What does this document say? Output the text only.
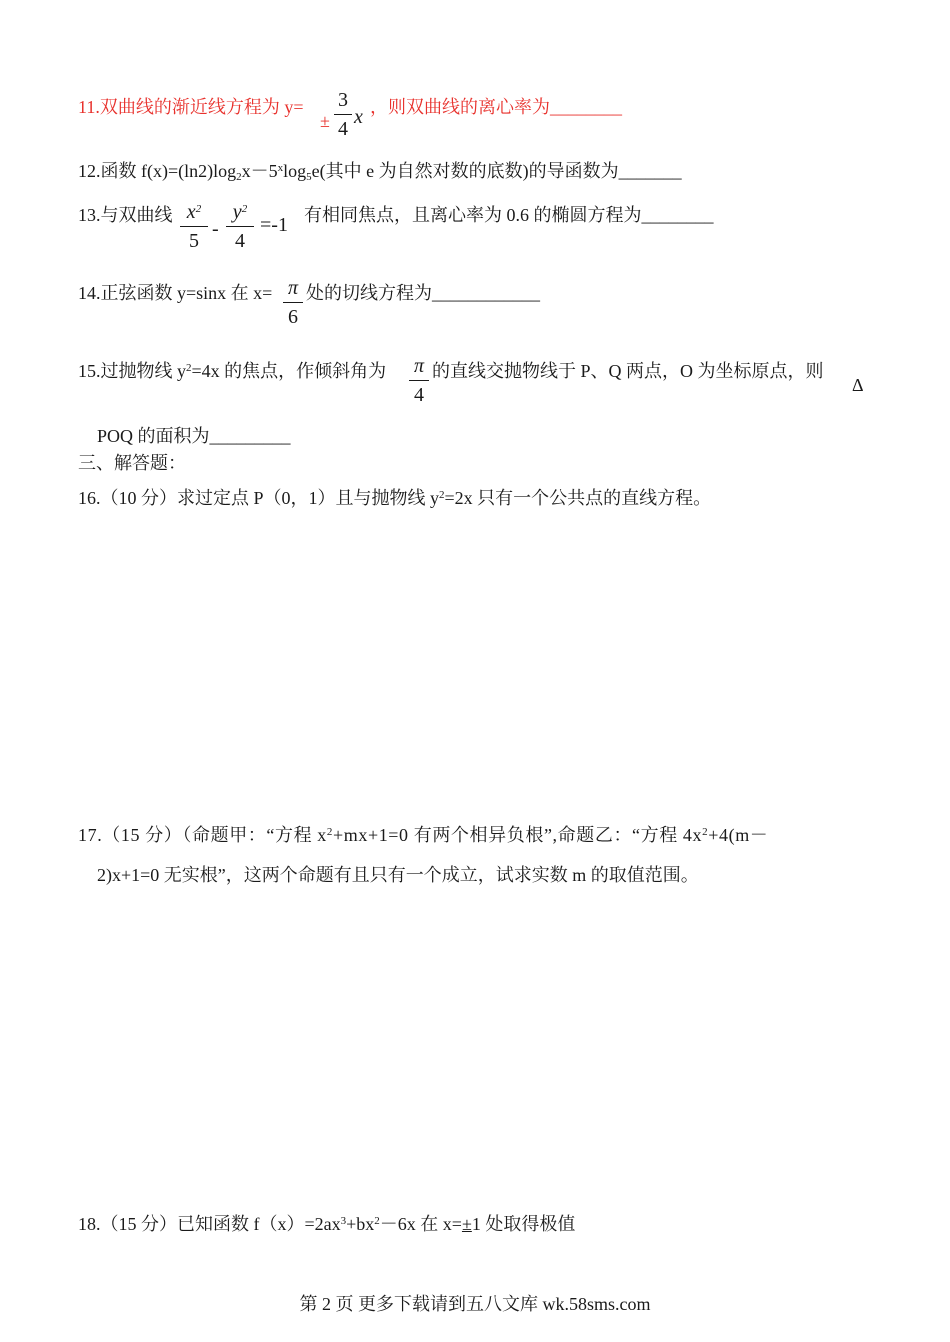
11.双曲线的渐近线方程为 y=
±
3
4
x ，则双曲线的离心率为________
12.函数 $f(x)=(\ln 2)\log_2x-5^x\log_5e$(其中 e 为自然对数的底数)的导函数为_______
13.与双曲线 $x^2$
5
-
$y^2$
4
=-1 有相同焦点，且离心率为 0.6 的椭圆方程为________
14.正弦函数 y=sinx 在 x= π
6
处的切线方程为____________
15.过抛物线 $y^2=4x$ 的焦点，作倾斜角为 π
4
的直线交抛物线于 P、Q 两点，O 为坐标原点，则
Δ
POQ 的面积为_________
三、解答题：
16.（10 分）求过定点 P（0，1）且与抛物线 $y^2=2x$ 只有一个公共点的直线方程。
17.（15 分）（命题甲：“方程 $x^2+mx+1=0$ 有两个相异负根”,命题乙：“方程 $4x^2+4(m-$
2)x+1=0 无实根”，这两个命题有且只有一个成立，试求实数 m 的取值范围。
18.（15 分）已知函数 $f(x)=2ax^3+bx^2-6x$ 在 x=±1 处取得极值
第 2 页 更多下载请到五八文库 wk.58sms.com
